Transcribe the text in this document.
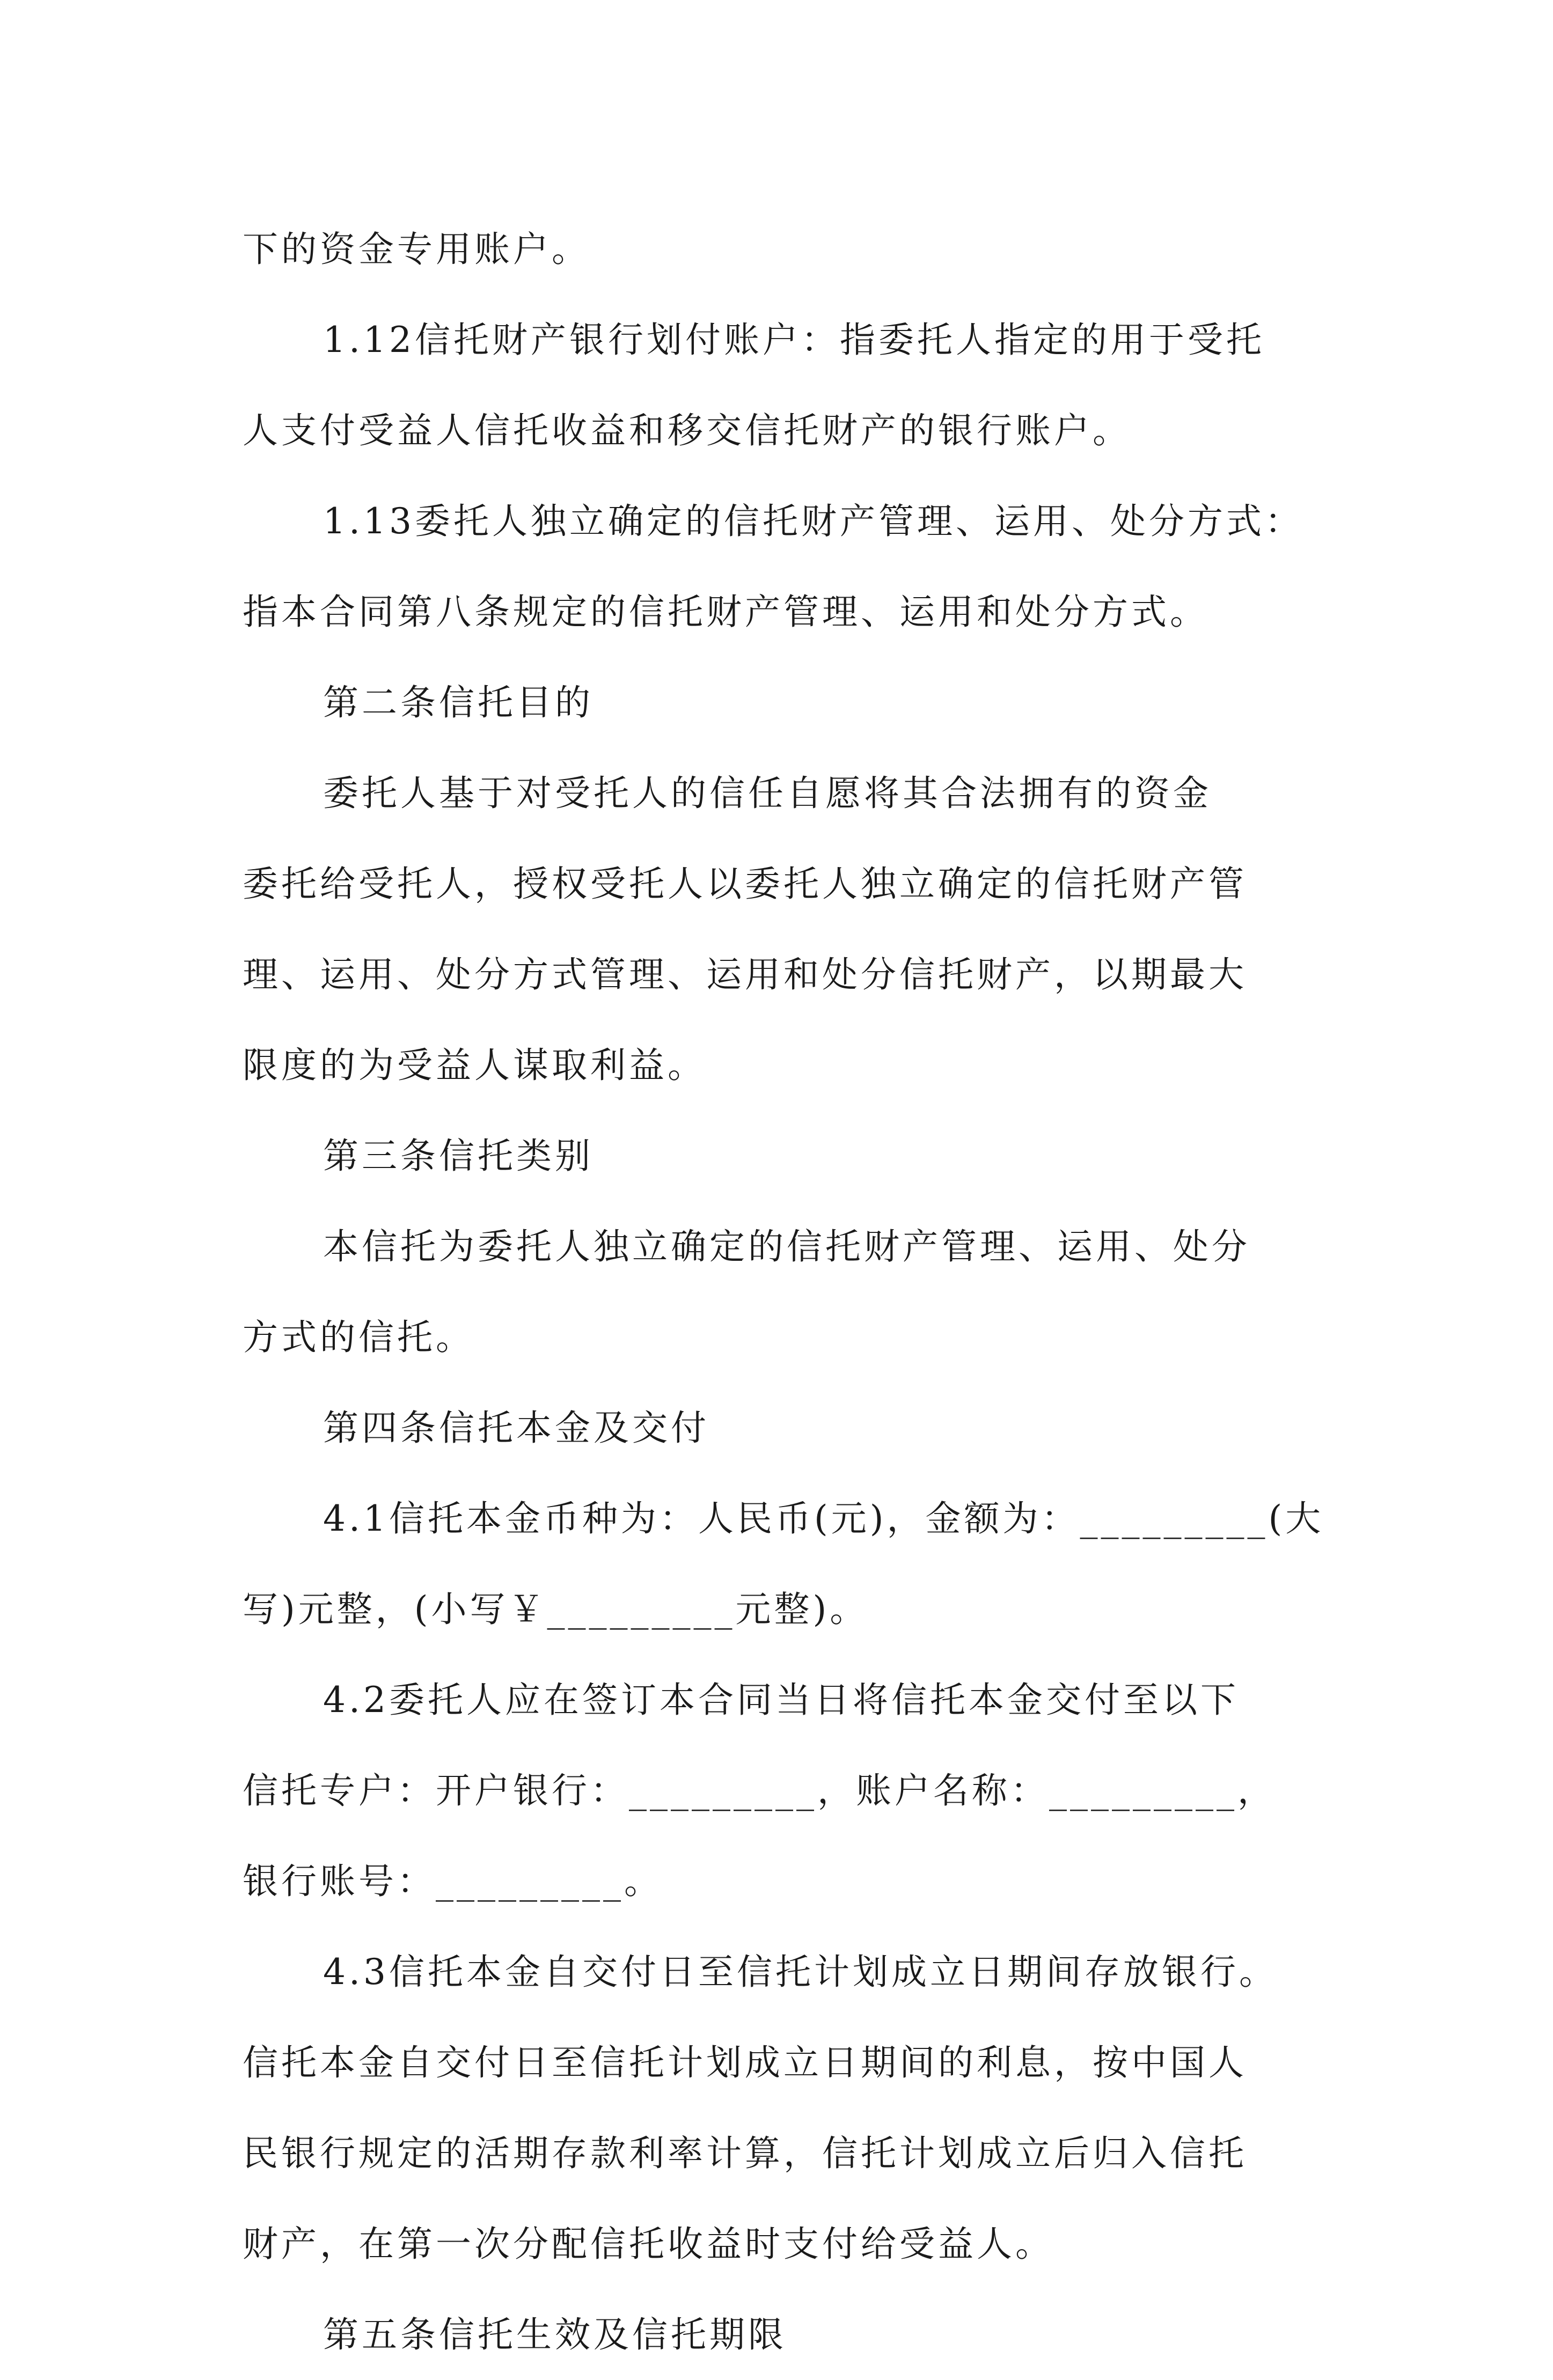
下的资金专用账户。
1.12信托财产银行划付账户：指委托人指定的用于受托
人支付受益人信托收益和移交信托财产的银行账户。
1.13委托人独立确定的信托财产管理、运用、处分方式：
指本合同第八条规定的信托财产管理、运用和处分方式。
第二条信托目的
委托人基于对受托人的信任自愿将其合法拥有的资金
委托给受托人，授权受托人以委托人独立确定的信托财产管
理、运用、处分方式管理、运用和处分信托财产，以期最大
限度的为受益人谋取利益。
第三条信托类别
本信托为委托人独立确定的信托财产管理、运用、处分
方式的信托。
第四条信托本金及交付
4.1信托本金币种为：人民币(元)，金额为：_________(大
写)元整，(小写￥_________元整)。
4.2委托人应在签订本合同当日将信托本金交付至以下
信托专户：开户银行：_________，账户名称：_________，
银行账号：_________。
4.3信托本金自交付日至信托计划成立日期间存放银行。
信托本金自交付日至信托计划成立日期间的利息，按中国人
民银行规定的活期存款利率计算，信托计划成立后归入信托
财产，在第一次分配信托收益时支付给受益人。
第五条信托生效及信托期限
